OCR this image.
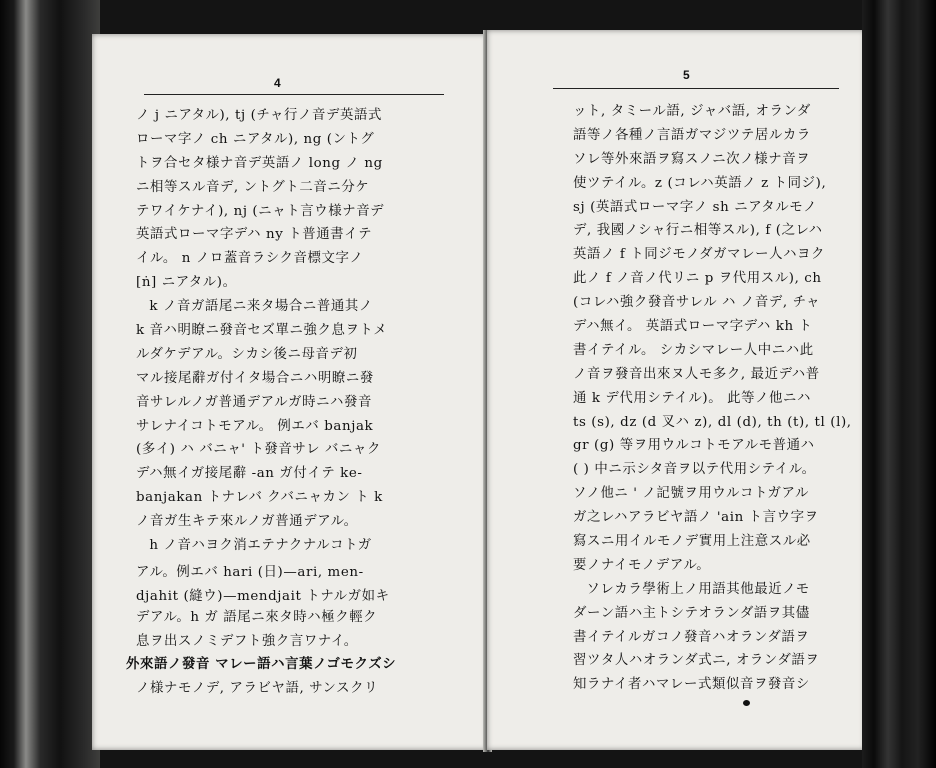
4
ノ j ニアタル), tj (チャ行ノ音デ英語式
ローマ字ノ ch ニアタル), ng (ントグ
トヲ合セタ様ナ音デ英語ノ long ノ ng
ニ相等スル音デ, ントグト二音ニ分ケ
テワイケナイ), nj (ニャト言ウ様ナ音デ
英語式ローマ字デハ ny ト普通書イテ
イル。 n ノロ蓋音ラシク音標文字ノ
[ṅ] ニアタル)。
k ノ音ガ語尾ニ来タ場合ニ普通其ノ
k 音ハ明瞭ニ發音セズ單ニ強ク息ヲトメ
ルダケデアル。シカシ後ニ母音デ初
マル接尾辭ガ付イタ場合ニハ明瞭ニ發
音サレルノガ普通デアルガ時ニハ發音
サレナイコトモアル。 例エバ banjak
(多イ) ハ バニャ' ト發音サレ バニャク
デハ無イガ接尾辭 -an ガ付イテ ke-
banjakan トナレバ クバニャカン ト k
ノ音ガ生キテ來ルノガ普通デアル。
h ノ音ハヨク消エテナクナルコトガ
アル。例エバ hari (日)—ari, men-
djahit (縫ウ)—mendjait トナルガ如キ
デアル。h ガ 語尾ニ來タ時ハ極ク輕ク
息ヲ出スノミデフト強ク言ワナイ。
外來語ノ發音 マレー語ハ言葉ノゴモクズシ
ノ様ナモノデ, アラビヤ語, サンスクリ
5
ット, タミール語, ジャバ語, オランダ
語等ノ各種ノ言語ガマジツテ居ルカラ
ソレ等外來語ヲ寫スノニ次ノ様ナ音ヲ
使ツテイル。z (コレハ英語ノ z ト同ジ),
sj (英語式ローマ字ノ sh ニアタルモノ
デ, 我國ノシャ行ニ相等スル), f (之レハ
英語ノ f ト同ジモノダガマレー人ハヨク
此ノ f ノ音ノ代リニ p ヲ代用スル), ch
(コレハ強ク發音サレル ハ ノ音デ, チャ
デハ無イ。 英語式ローマ字デハ kh ト
書イテイル。 シカシマレー人中ニハ此
ノ音ヲ發音出來ヌ人モ多ク, 最近デハ普
通 k デ代用シテイル)。 此等ノ他ニハ
ts (s), dz (d 叉ハ z), dl (d), th (t), tl (l),
gr (g) 等ヲ用ウルコトモアルモ普通ハ
( ) 中ニ示シタ音ヲ以テ代用シテイル。
ソノ他ニ ' ノ記號ヲ用ウルコトガアル
ガ之レハアラビヤ語ノ 'ain ト言ウ字ヲ
寫スニ用イルモノデ實用上注意スル必
要ノナイモノデアル。
ソレカラ學術上ノ用語其他最近ノモ
ダーン語ハ主トシテオランダ語ヲ其儘
書イテイルガコノ發音ハオランダ語ヲ
習ツタ人ハオランダ式ニ, オランダ語ヲ
知ラナイ者ハマレー式類似音ヲ發音シ
